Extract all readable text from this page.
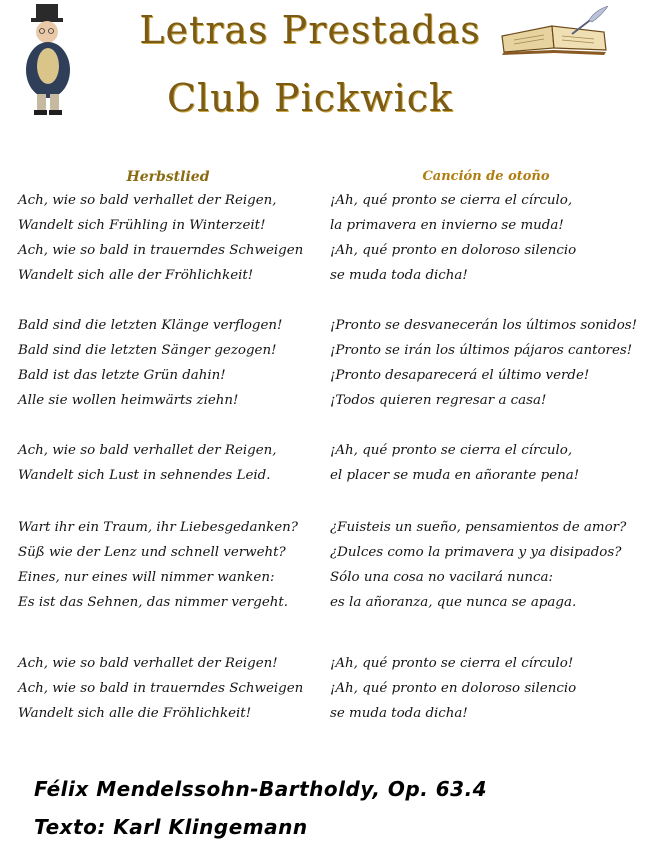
Letras Prestadas
Club Pickwick
Herbstlied
Ach, wie so bald verhallet der Reigen,
Wandelt sich Frühling in Winterzeit!
Ach, wie so bald in trauerndes Schweigen
Wandelt sich alle der Fröhlichkeit!
Bald sind die letzten Klänge verflogen!
Bald sind die letzten Sänger gezogen!
Bald ist das letzte Grün dahin!
Alle sie wollen heimwärts ziehn!
Ach, wie so bald verhallet der Reigen,
Wandelt sich Lust in sehnendes Leid.
Wart ihr ein Traum, ihr Liebesgedanken?
Süß wie der Lenz und schnell verweht?
Eines, nur eines will nimmer wanken:
Es ist das Sehnen, das nimmer vergeht.
Ach, wie so bald verhallet der Reigen!
Ach, wie so bald in trauerndes Schweigen
Wandelt sich alle die Fröhlichkeit!
Canción de otoño
¡Ah, qué pronto se cierra el círculo,
la primavera en invierno se muda!
¡Ah, qué pronto en doloroso silencio
se muda toda dicha!
¡Pronto se desvanecerán los últimos sonidos!
¡Pronto se irán los últimos pájaros cantores!
¡Pronto desaparecerá el último verde!
¡Todos quieren regresar a casa!
¡Ah, qué pronto se cierra el círculo,
el placer se muda en añorante pena!
¿Fuisteis un sueño, pensamientos de amor?
¿Dulces como la primavera y ya disipados?
Sólo una cosa no vacilará nunca:
es la añoranza, que nunca se apaga.
¡Ah, qué pronto se cierra el círculo!
¡Ah, qué pronto en doloroso silencio
se muda toda dicha!
Félix Mendelssohn-Bartholdy, Op. 63.4
Texto: Karl Klingemann
